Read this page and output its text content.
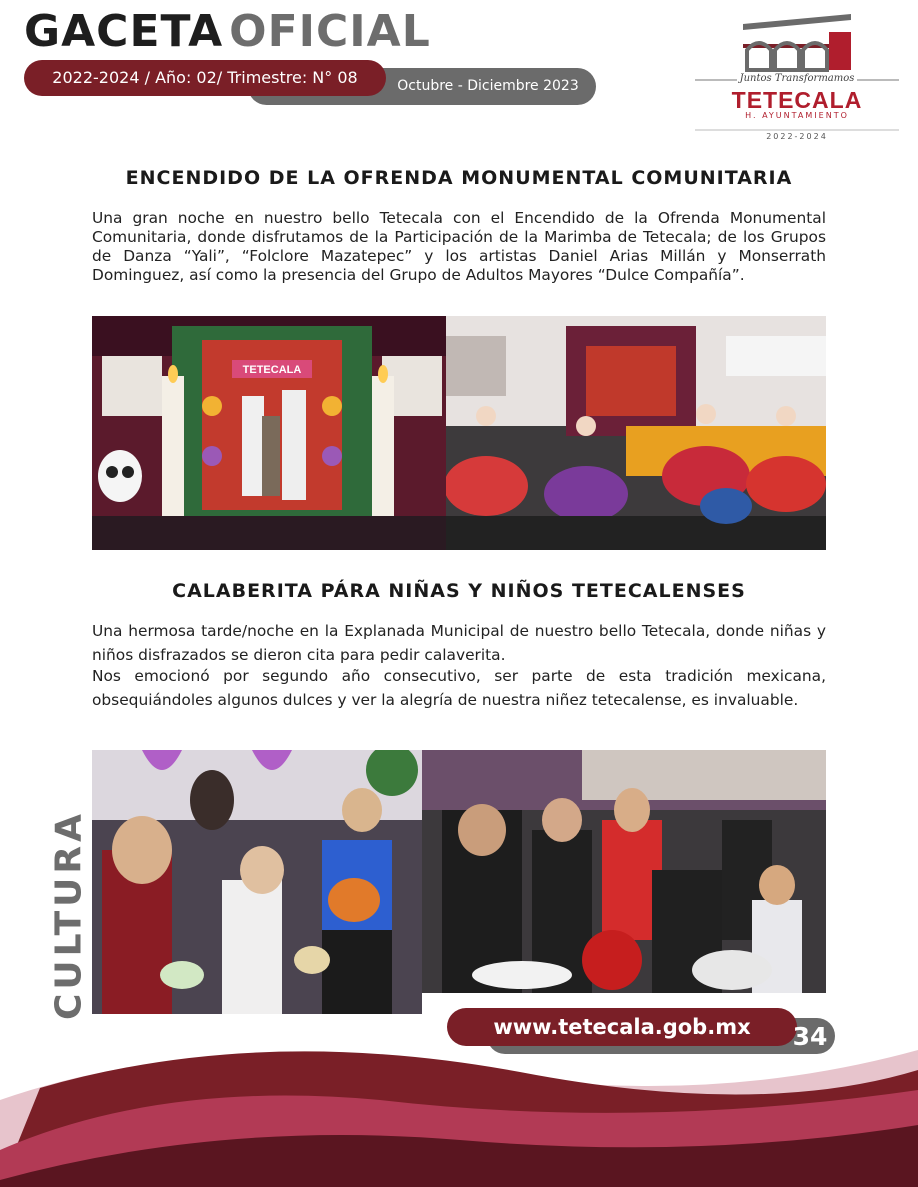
GACETA OFICIAL
Octubre - Diciembre 2023
2022-2024 / Año: 02/ Trimestre: N° 08	Juntos Transformamos
TETECALA
H. AYUNTAMIENTO
2022-2024
ENCENDIDO DE LA OFRENDA MONUMENTAL COMUNITARIA
Una gran noche en nuestro bello Tetecala con el Encendido de la Ofrenda Monumental Comunitaria, donde disfrutamos de la Participación de la Marimba de Tetecala; de los Grupos de Danza “Yali”, “Folclore Mazatepec” y los artistas Daniel Arias Millán y Monserrath Dominguez, así como la presencia del Grupo de Adultos Mayores “Dulce Compañía”.
TETECALA
CALABERITA PÁRA NIÑAS Y NIÑOS TETECALENSES
Una hermosa tarde/noche en la Explanada Municipal de nuestro bello Tetecala, donde niñas y niños disfrazados se dieron cita para pedir calaverita.
Nos emocionó por segundo año consecutivo, ser parte de esta tradición mexicana, obsequiándoles algunos dulces y ver la alegría de nuestra niñez tetecalense, es invaluable.
CULTURA
www.tetecala.gob.mx	34
